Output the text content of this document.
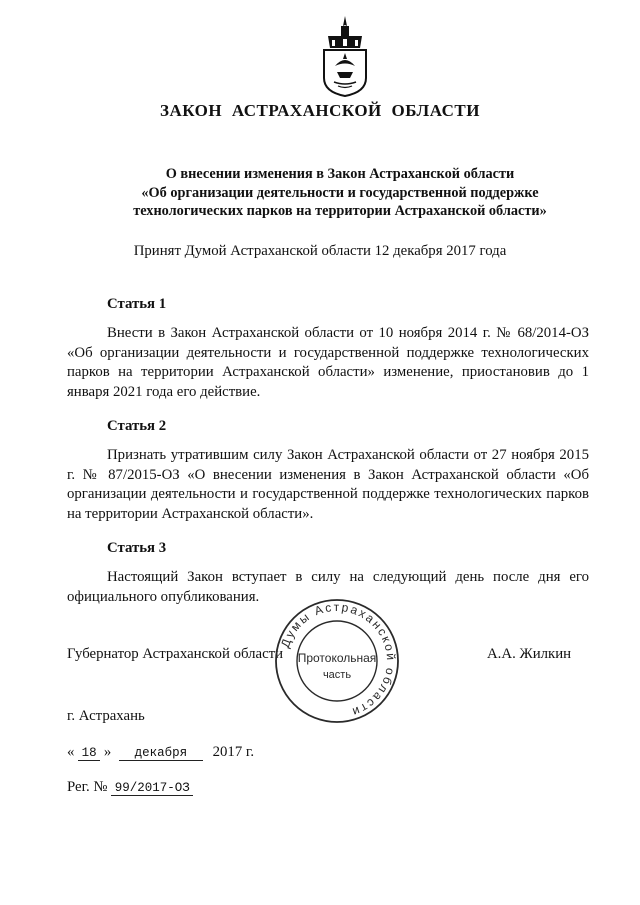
ЗАКОН АСТРАХАНСКОЙ ОБЛАСТИ
О внесении изменения в Закон Астраханской области
«Об организации деятельности и государственной поддержке
технологических парков на территории Астраханской области»
Принят Думой Астраханской области 12 декабря 2017 года
Статья 1

Внести в Закон Астраханской области от 10 ноября 2014 г. № 68/2014-ОЗ «Об организации деятельности и государственной поддержке технологических парков на территории Астраханской области» изменение, приостановив до 1 января 2021 года его действие.

Статья 2

Признать утратившим силу Закон Астраханской области от 27 ноября 2015 г. № 87/2015-ОЗ «О внесении изменения в Закон Астраханской области «Об организации деятельности и государственной поддержке технологических парков на территории Астраханской области».

Статья 3

Настоящий Закон вступает в силу на следующий день после дня его официального опубликования.

Губернатор Астраханской области	А.А. Жилкин
Думы Астраханской области
Протокольная
часть
г. Астрахань
« 18 » декабря 2017 г.
Рег. № 99/2017-ОЗ
